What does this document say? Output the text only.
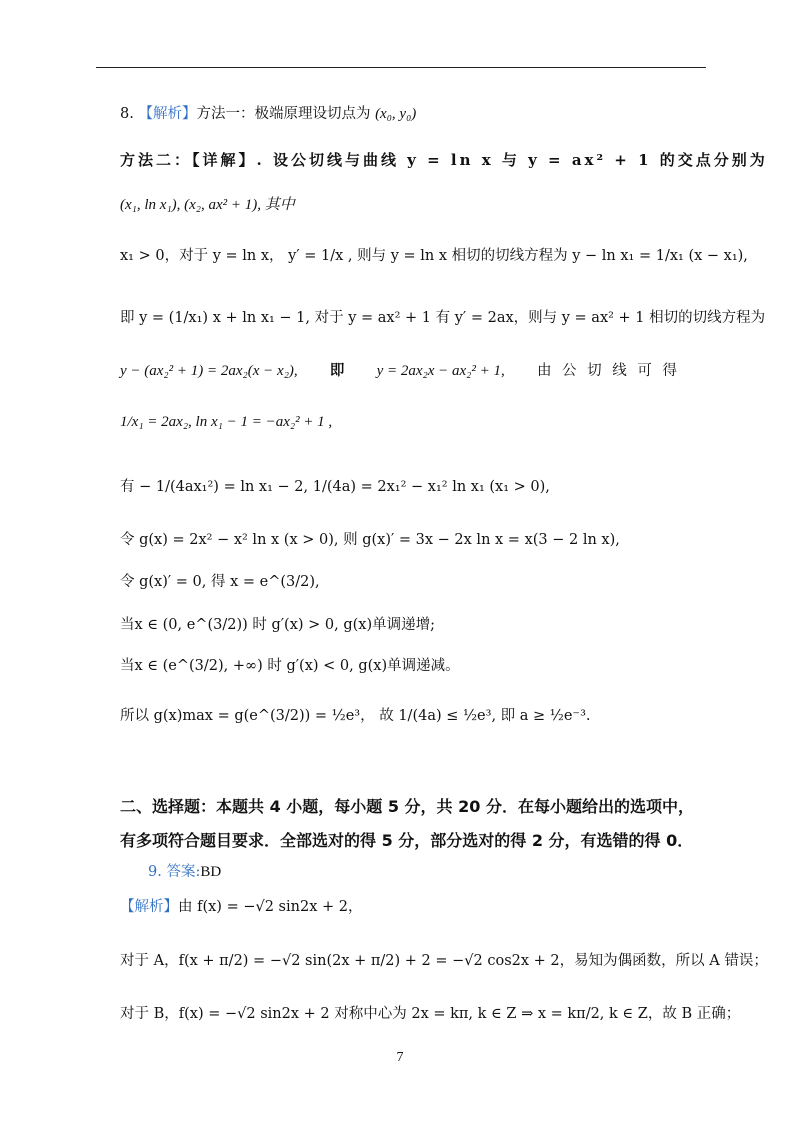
8. 【解析】方法一：极端原理设切点为 (x₀, y₀)
方法二：【详解】. 设公切线与曲线 y = ln x 与 y = ax² + 1 的交点分别为
(x₁, ln x₁), (x₂, ax² + 1), 其中
x₁ > 0，对于 y = ln x， y′ = 1/x , 则与 y = ln x 相切的切线方程为 y − ln x₁ = 1/x₁ (x − x₁),
即 y = (1/x₁) x + ln x₁ − 1, 对于 y = ax² + 1 有 y′ = 2ax，则与 y = ax² + 1 相切的切线方程为
y − (ax₂² + 1) = 2ax₂(x − x₂), 即 y = 2ax₂x − ax₂² + 1, 由 公 切 线 可 得
1/x₁ = 2ax₂, ln x₁ − 1 = −ax₂² + 1 ,
有 − 1/(4ax₁²) = ln x₁ − 2, 1/(4a) = 2x₁² − x₁² ln x₁ (x₁ > 0),
令 g(x) = 2x² − x² ln x (x > 0), 则 g(x)′ = 3x − 2x ln x = x(3 − 2 ln x),
令 g(x)′ = 0, 得 x = e^(3/2),
当x ∈ (0, e^(3/2)) 时 g′(x) > 0, g(x)单调递增;
当x ∈ (e^(3/2), +∞) 时 g′(x) < 0, g(x)单调递减。
所以 g(x)max = g(e^(3/2)) = ½e³， 故 1/(4a) ≤ ½e³, 即 a ≥ ½e⁻³.
二、选择题：本题共 4 小题，每小题 5 分，共 20 分．在每小题给出的选项中，
有多项符合题目要求．全部选对的得 5 分，部分选对的得 2 分，有选错的得 0．
9. 答案:BD
【解析】由 f(x) = −√2 sin2x + 2，
对于 A，f(x + π/2) = −√2 sin(2x + π/2) + 2 = −√2 cos2x + 2，易知为偶函数，所以 A 错误；
对于 B，f(x) = −√2 sin2x + 2 对称中心为 2x = kπ, k ∈ Z ⇒ x = kπ/2, k ∈ Z，故 B 正确；
7
